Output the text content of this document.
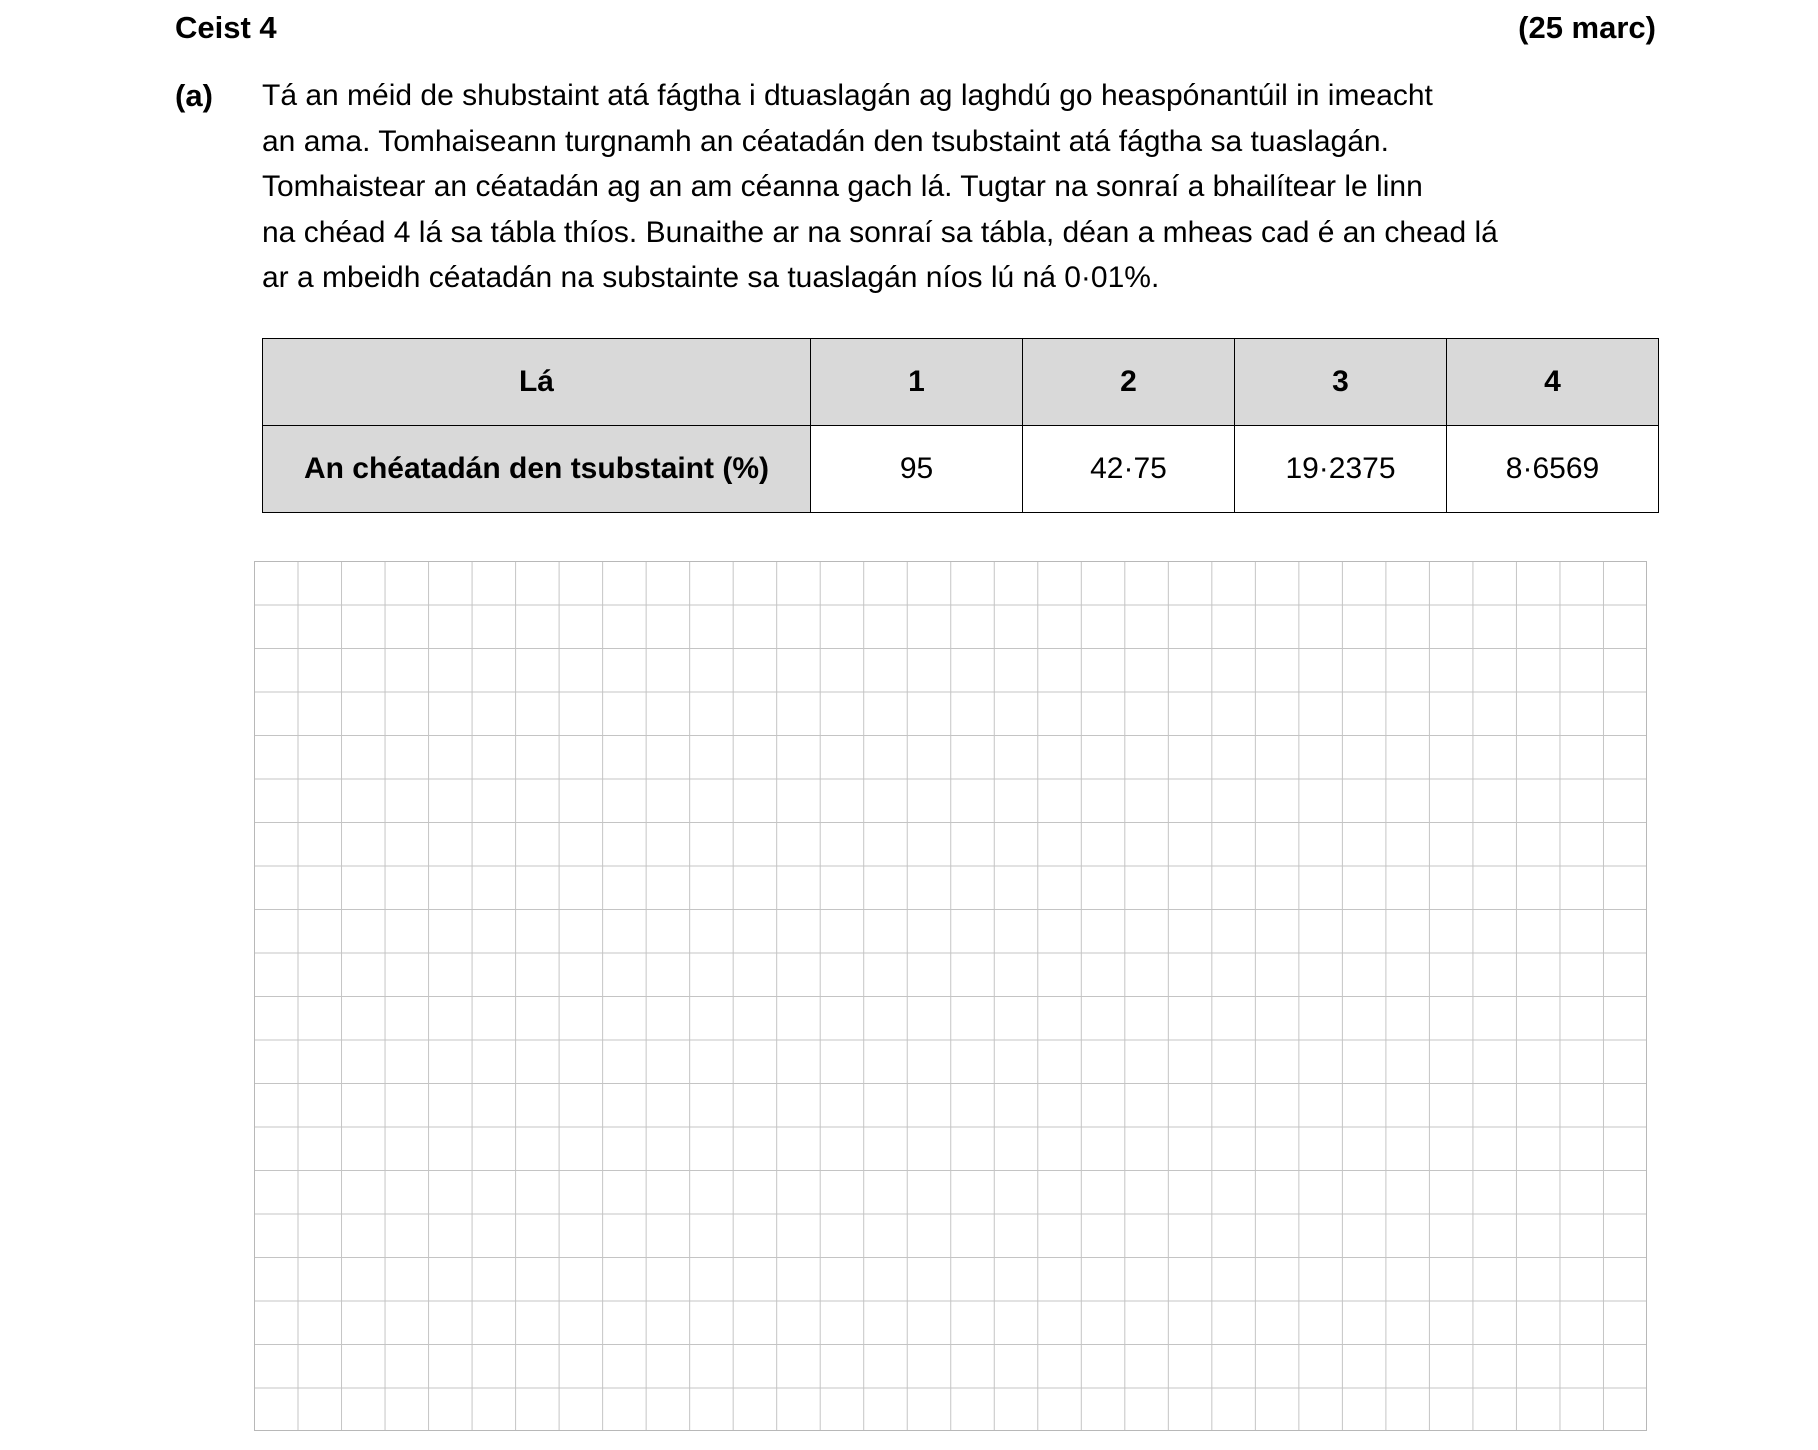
Ceist 4	(25 marc)
(a) Tá an méid de shubstaint atá fágtha i dtuaslagán ag laghdú go heaspónantúil in imeacht
an ama. Tomhaiseann turgnamh an céatadán den tsubstaint atá fágtha sa tuaslagán.
Tomhaistear an céatadán ag an am céanna gach lá. Tugtar na sonraí a bhailítear le linn
na chéad 4 lá sa tábla thíos. Bunaithe ar na sonraí sa tábla, déan a mheas cad é an chead lá
ar a mbeidh céatadán na substainte sa tuaslagán níos lú ná 0·01%.
Lá	1	2	3	4
An chéatadán den tsubstaint (%)	95	42·75	19·2375	8·6569
